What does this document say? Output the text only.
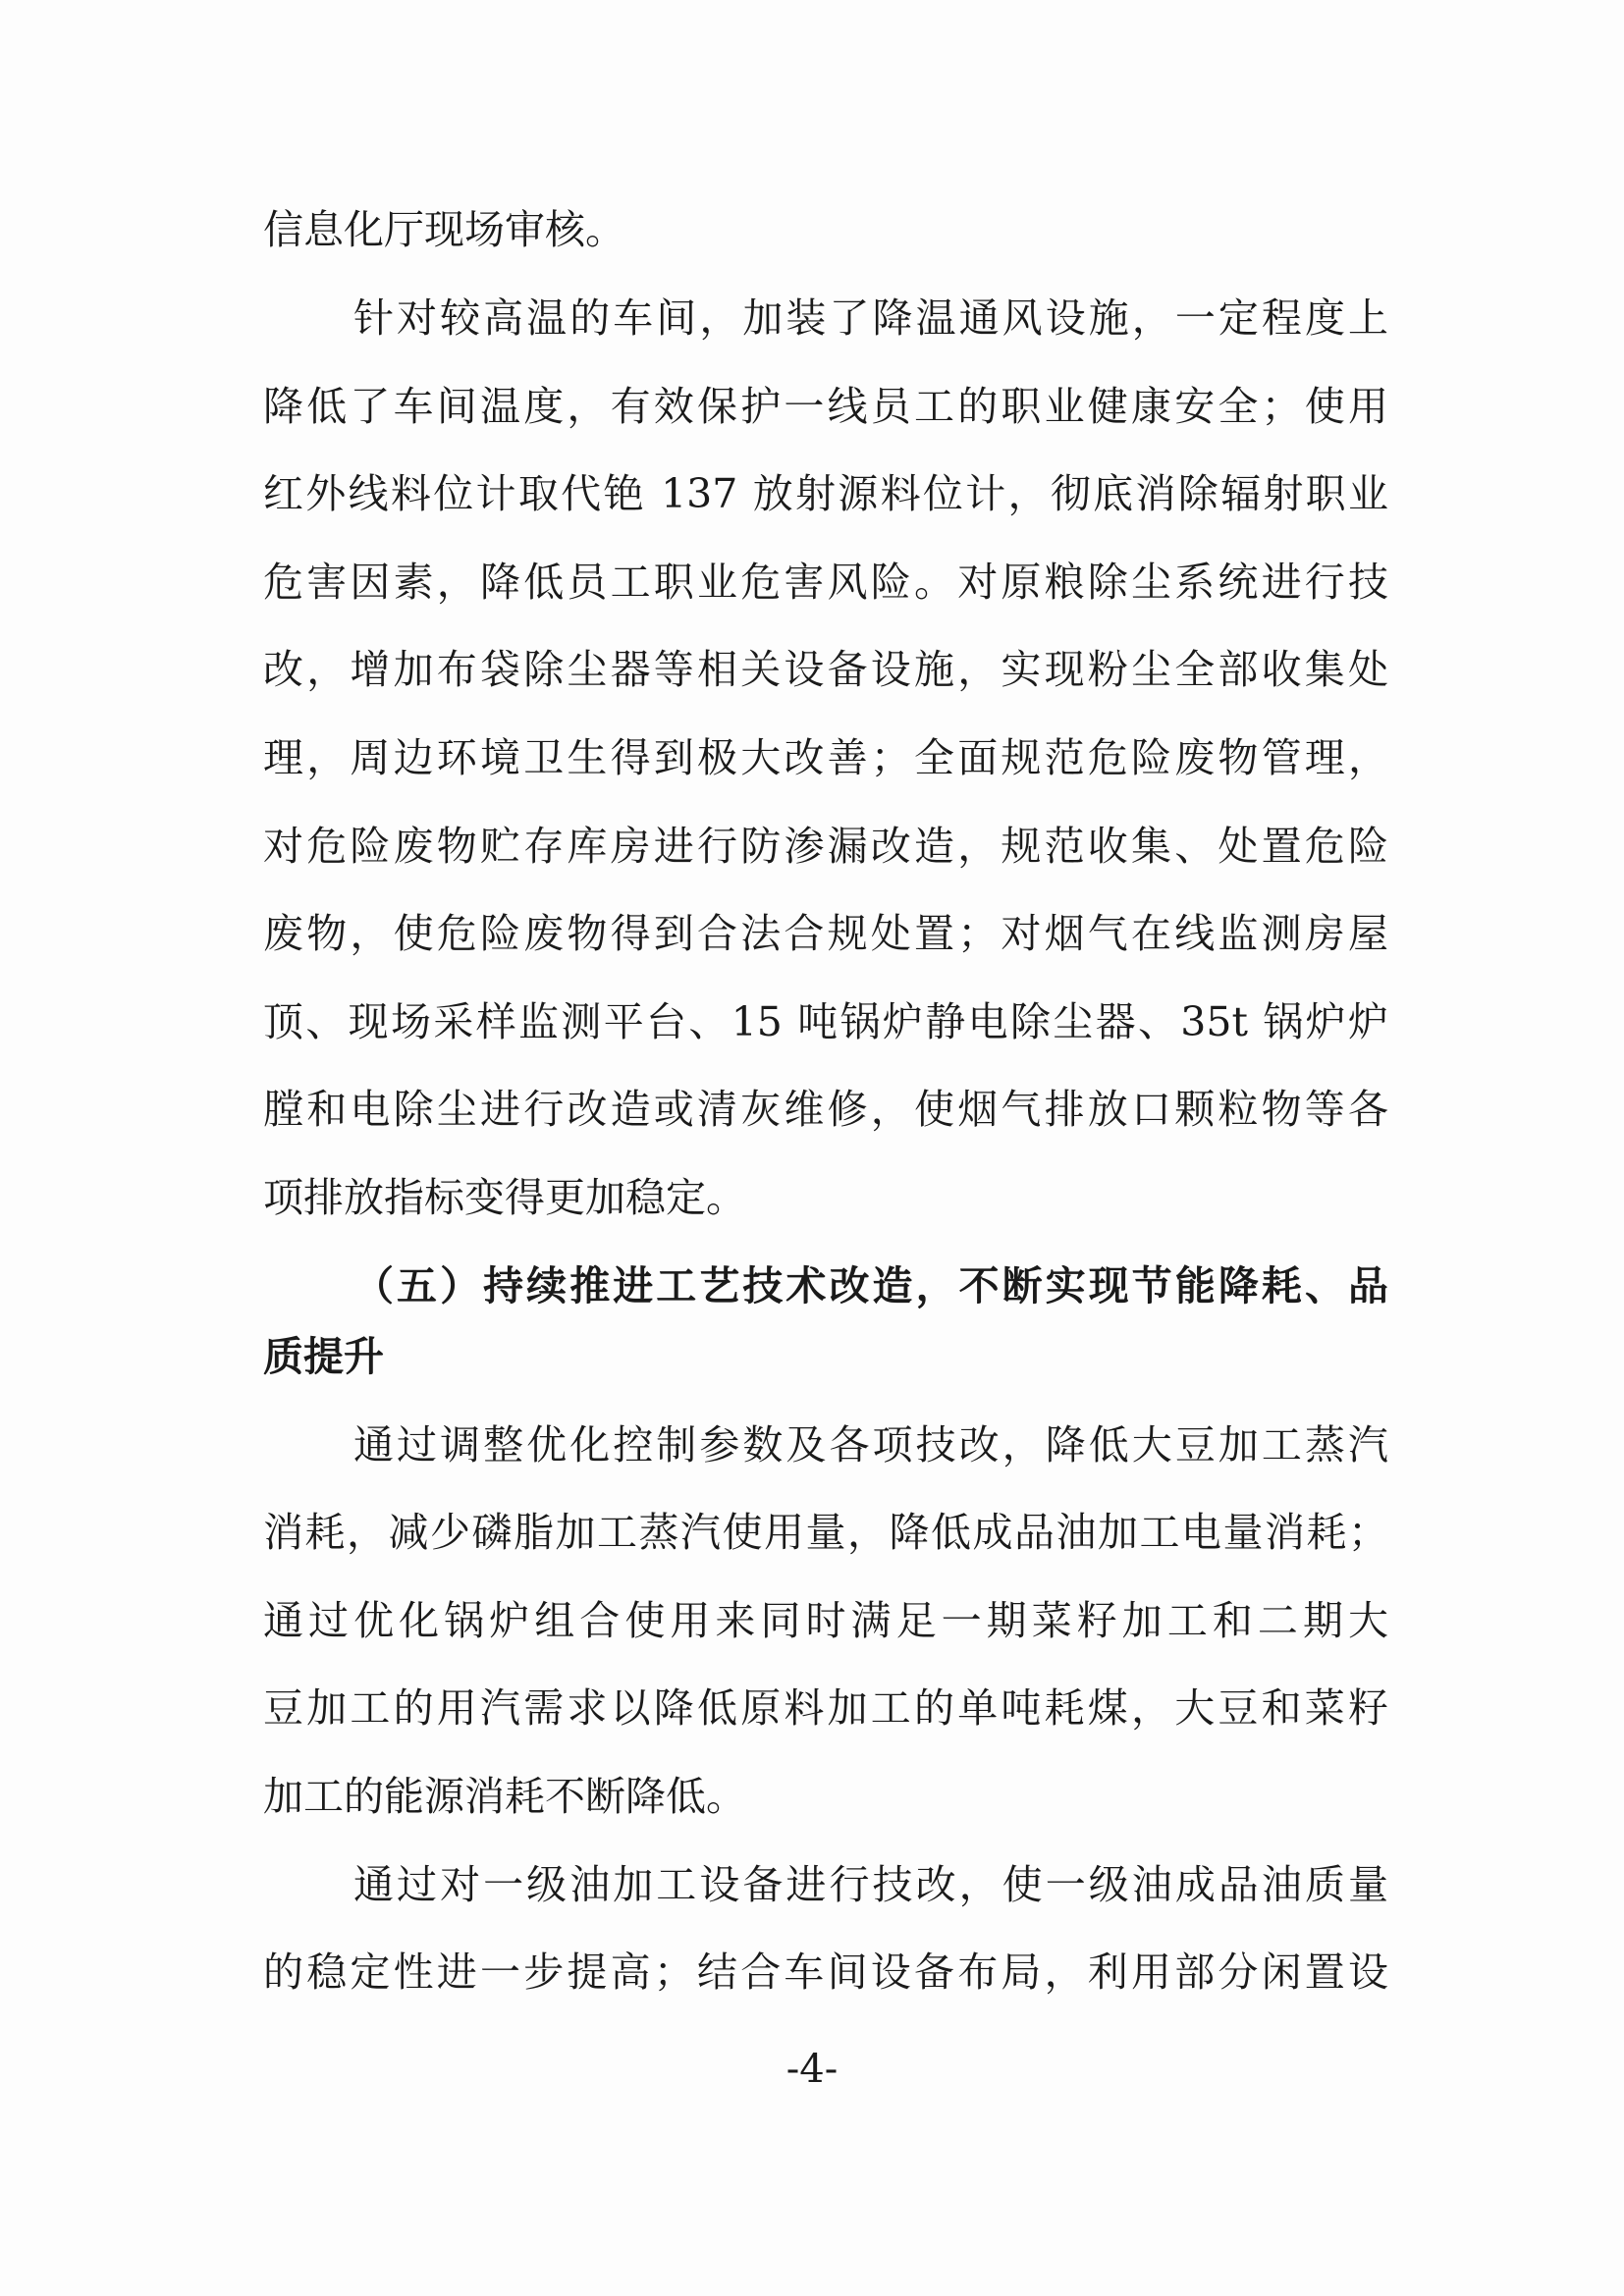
信息化厅现场审核。
针对较高温的车间，加装了降温通风设施，一定程度上
降低了车间温度，有效保护一线员工的职业健康安全；使用
红外线料位计取代铯 137 放射源料位计，彻底消除辐射职业
危害因素，降低员工职业危害风险。对原粮除尘系统进行技
改，增加布袋除尘器等相关设备设施，实现粉尘全部收集处
理，周边环境卫生得到极大改善；全面规范危险废物管理，
对危险废物贮存库房进行防渗漏改造，规范收集、处置危险
废物，使危险废物得到合法合规处置；对烟气在线监测房屋
顶、现场采样监测平台、15 吨锅炉静电除尘器、35t 锅炉炉
膛和电除尘进行改造或清灰维修，使烟气排放口颗粒物等各
项排放指标变得更加稳定。
（五）持续推进工艺技术改造，不断实现节能降耗、品
质提升
通过调整优化控制参数及各项技改，降低大豆加工蒸汽
消耗，减少磷脂加工蒸汽使用量，降低成品油加工电量消耗；
通过优化锅炉组合使用来同时满足一期菜籽加工和二期大
豆加工的用汽需求以降低原料加工的单吨耗煤，大豆和菜籽
加工的能源消耗不断降低。
通过对一级油加工设备进行技改，使一级油成品油质量
的稳定性进一步提高；结合车间设备布局，利用部分闲置设
-4-
